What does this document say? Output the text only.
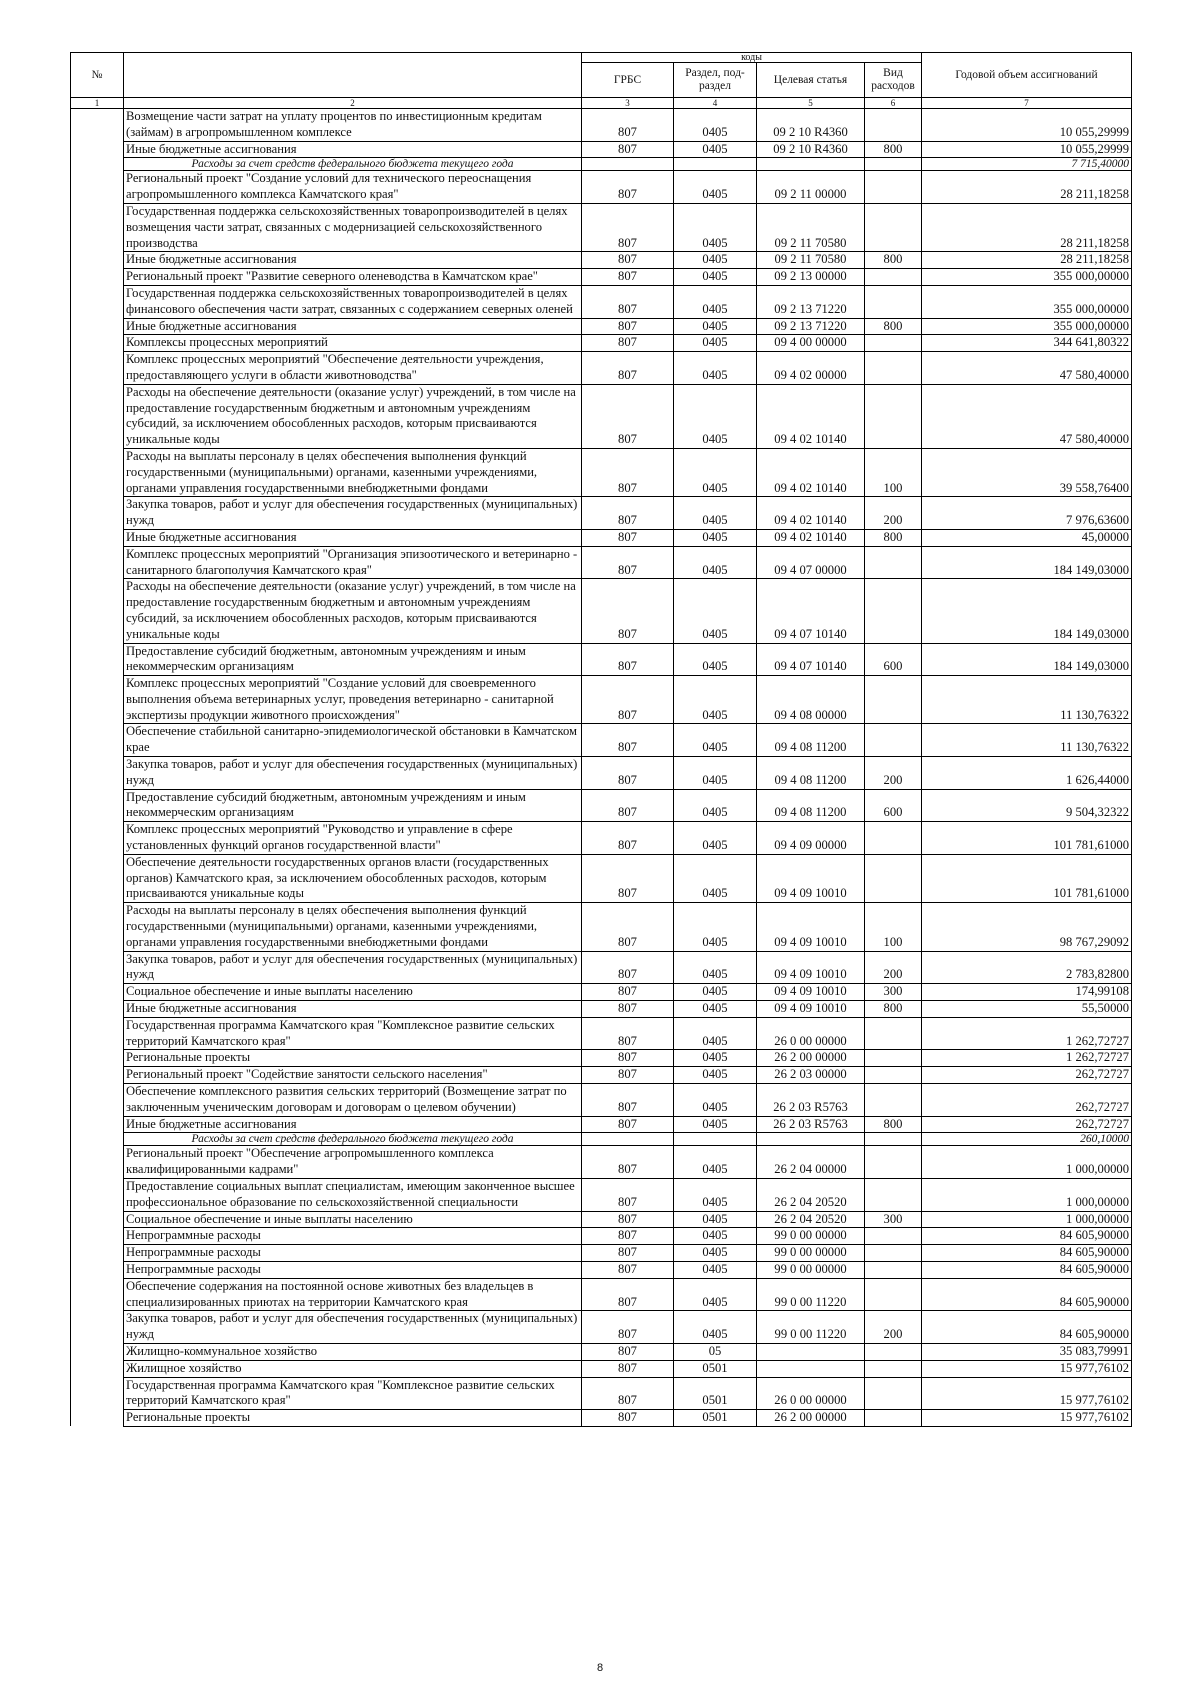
№		коды				Годовой объем ассигнований
		ГРБС	Раздел, под-раздел	Целевая статья	Вид расходов	
1	2	3	4	5	6	7
	Возмещение части затрат на уплату процентов по инвестиционным кредитам (займам) в агропромышленном комплексе	807	0405	09 2 10 R4360		10 055,29999
	Иные бюджетные ассигнования	807	0405	09 2 10 R4360	800	10 055,29999
	Расходы за счет средств федерального бюджета текущего года					7 715,40000
	Региональный проект "Создание условий для технического переоснащения агропромышленного комплекса Камчатского края"	807	0405	09 2 11 00000		28 211,18258
	Государственная поддержка сельскохозяйственных товаропроизводителей в целях возмещения части затрат, связанных с модернизацией сельскохозяйственного производства	807	0405	09 2 11 70580		28 211,18258
	Иные бюджетные ассигнования	807	0405	09 2 11 70580	800	28 211,18258
	Региональный проект "Развитие северного оленеводства в Камчатском крае"	807	0405	09 2 13 00000		355 000,00000
	Государственная поддержка сельскохозяйственных товаропроизводителей в целях финансового обеспечения части затрат, связанных с содержанием северных оленей	807	0405	09 2 13 71220		355 000,00000
	Иные бюджетные ассигнования	807	0405	09 2 13 71220	800	355 000,00000
	Комплексы процессных мероприятий	807	0405	09 4 00 00000		344 641,80322
	Комплекс процессных мероприятий "Обеспечение деятельности учреждения, предоставляющего услуги в области животноводства"	807	0405	09 4 02 00000		47 580,40000
	Расходы на обеспечение деятельности (оказание услуг) учреждений, в том числе на предоставление государственным бюджетным и автономным учреждениям субсидий, за исключением обособленных расходов, которым присваиваются уникальные коды	807	0405	09 4 02 10140		47 580,40000
	Расходы на выплаты персоналу в целях обеспечения выполнения функций государственными (муниципальными) органами, казенными учреждениями, органами управления государственными внебюджетными фондами	807	0405	09 4 02 10140	100	39 558,76400
	Закупка товаров, работ и услуг для обеспечения государственных (муниципальных) нужд	807	0405	09 4 02 10140	200	7 976,63600
	Иные бюджетные ассигнования	807	0405	09 4 02 10140	800	45,00000
	Комплекс процессных мероприятий "Организация эпизоотического и ветеринарно - санитарного благополучия Камчатского края"	807	0405	09 4 07 00000		184 149,03000
	Расходы на обеспечение деятельности (оказание услуг) учреждений, в том числе на предоставление государственным бюджетным и автономным учреждениям субсидий, за исключением обособленных расходов, которым присваиваются уникальные коды	807	0405	09 4 07 10140		184 149,03000
	Предоставление субсидий бюджетным, автономным учреждениям и иным некоммерческим организациям	807	0405	09 4 07 10140	600	184 149,03000
	Комплекс процессных мероприятий "Создание условий для своевременного выполнения объема ветеринарных услуг, проведения ветеринарно - санитарной экспертизы продукции животного происхождения"	807	0405	09 4 08 00000		11 130,76322
	Обеспечение стабильной санитарно-эпидемиологической обстановки в Камчатском крае	807	0405	09 4 08 11200		11 130,76322
	Закупка товаров, работ и услуг для обеспечения государственных (муниципальных) нужд	807	0405	09 4 08 11200	200	1 626,44000
	Предоставление субсидий бюджетным, автономным учреждениям и иным некоммерческим организациям	807	0405	09 4 08 11200	600	9 504,32322
	Комплекс процессных мероприятий "Руководство и управление в сфере установленных функций органов государственной власти"	807	0405	09 4 09 00000		101 781,61000
	Обеспечение деятельности государственных органов власти (государственных органов) Камчатского края, за исключением обособленных расходов, которым присваиваются уникальные коды	807	0405	09 4 09 10010		101 781,61000
	Расходы на выплаты персоналу в целях обеспечения выполнения функций государственными (муниципальными) органами, казенными учреждениями, органами управления государственными внебюджетными фондами	807	0405	09 4 09 10010	100	98 767,29092
	Закупка товаров, работ и услуг для обеспечения государственных (муниципальных) нужд	807	0405	09 4 09 10010	200	2 783,82800
	Социальное обеспечение и иные выплаты населению	807	0405	09 4 09 10010	300	174,99108
	Иные бюджетные ассигнования	807	0405	09 4 09 10010	800	55,50000
	Государственная программа Камчатского края "Комплексное развитие сельских территорий Камчатского края"	807	0405	26 0 00 00000		1 262,72727
	Региональные проекты	807	0405	26 2 00 00000		1 262,72727
	Региональный проект "Содействие занятости сельского населения"	807	0405	26 2 03 00000		262,72727
	Обеспечение комплексного развития сельских территорий (Возмещение затрат по заключенным ученическим договорам и договорам о целевом обучении)	807	0405	26 2 03 R5763		262,72727
	Иные бюджетные ассигнования	807	0405	26 2 03 R5763	800	262,72727
	Расходы за счет средств федерального бюджета текущего года					260,10000
	Региональный проект "Обеспечение агропромышленного комплекса квалифицированными кадрами"	807	0405	26 2 04 00000		1 000,00000
	Предоставление социальных выплат специалистам, имеющим законченное высшее профессиональное образование по сельскохозяйственной специальности	807	0405	26 2 04 20520		1 000,00000
	Социальное обеспечение и иные выплаты населению	807	0405	26 2 04 20520	300	1 000,00000
	Непрограммные расходы	807	0405	99 0 00 00000		84 605,90000
	Непрограммные расходы	807	0405	99 0 00 00000		84 605,90000
	Непрограммные расходы	807	0405	99 0 00 00000		84 605,90000
	Обеспечение содержания на постоянной основе животных без владельцев в специализированных приютах на территории Камчатского края	807	0405	99 0 00 11220		84 605,90000
	Закупка товаров, работ и услуг для обеспечения государственных (муниципальных) нужд	807	0405	99 0 00 11220	200	84 605,90000
	Жилищно-коммунальное хозяйство	807	05			35 083,79991
	Жилищное хозяйство	807	0501			15 977,76102
	Государственная программа Камчатского края "Комплексное развитие сельских территорий Камчатского края"	807	0501	26 0 00 00000		15 977,76102
	Региональные проекты	807	0501	26 2 00 00000		15 977,76102
8
